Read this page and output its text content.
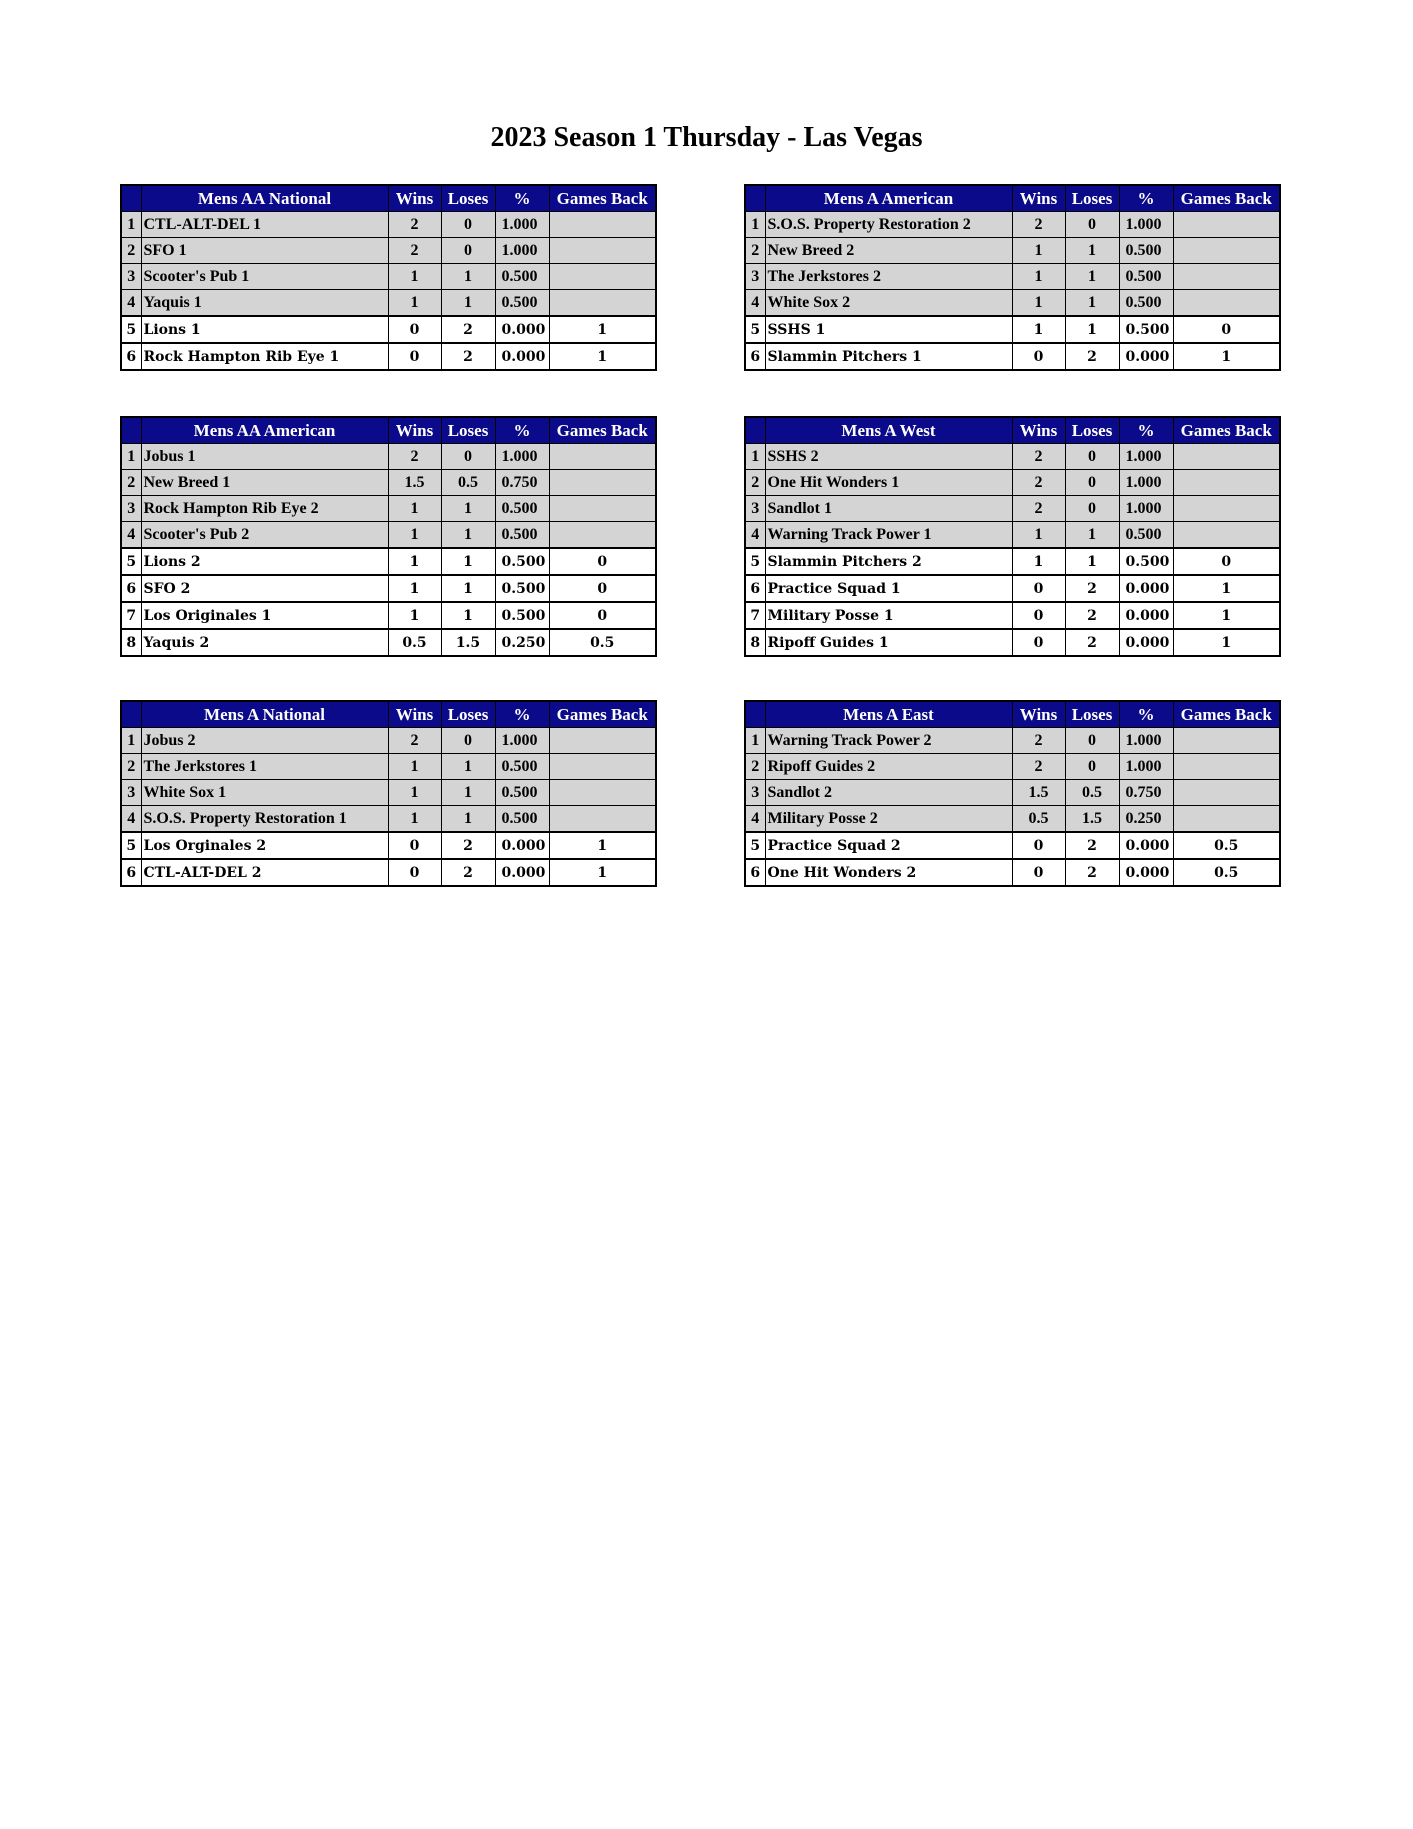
2023 Season 1 Thursday - Las Vegas
	Mens AA National	Wins	Loses	%	Games Back
1	CTL-ALT-DEL 1	2	0	1.000	
2	SFO 1	2	0	1.000	
3	Scooter's Pub 1	1	1	0.500	
4	Yaquis 1	1	1	0.500	
5	Lions 1	0	2	0.000	1
6	Rock Hampton Rib Eye 1	0	2	0.000	1
	Mens A American	Wins	Loses	%	Games Back
1	S.O.S. Property Restoration 2	2	0	1.000	
2	New Breed 2	1	1	0.500	
3	The Jerkstores 2	1	1	0.500	
4	White Sox 2	1	1	0.500	
5	SSHS 1	1	1	0.500	0
6	Slammin Pitchers 1	0	2	0.000	1
	Mens AA American	Wins	Loses	%	Games Back
1	Jobus 1	2	0	1.000	
2	New Breed 1	1.5	0.5	0.750	
3	Rock Hampton Rib Eye 2	1	1	0.500	
4	Scooter's Pub 2	1	1	0.500	
5	Lions 2	1	1	0.500	0
6	SFO 2	1	1	0.500	0
7	Los Originales 1	1	1	0.500	0
8	Yaquis 2	0.5	1.5	0.250	0.5
	Mens A West	Wins	Loses	%	Games Back
1	SSHS 2	2	0	1.000	
2	One Hit Wonders 1	2	0	1.000	
3	Sandlot 1	2	0	1.000	
4	Warning Track Power 1	1	1	0.500	
5	Slammin Pitchers 2	1	1	0.500	0
6	Practice Squad 1	0	2	0.000	1
7	Military Posse 1	0	2	0.000	1
8	Ripoff Guides 1	0	2	0.000	1
	Mens A National	Wins	Loses	%	Games Back
1	Jobus 2	2	0	1.000	
2	The Jerkstores 1	1	1	0.500	
3	White Sox 1	1	1	0.500	
4	S.O.S. Property Restoration 1	1	1	0.500	
5	Los Orginales 2	0	2	0.000	1
6	CTL-ALT-DEL 2	0	2	0.000	1
	Mens A East	Wins	Loses	%	Games Back
1	Warning Track Power 2	2	0	1.000	
2	Ripoff Guides 2	2	0	1.000	
3	Sandlot 2	1.5	0.5	0.750	
4	Military Posse 2	0.5	1.5	0.250	
5	Practice Squad 2	0	2	0.000	0.5
6	One Hit Wonders 2	0	2	0.000	0.5
